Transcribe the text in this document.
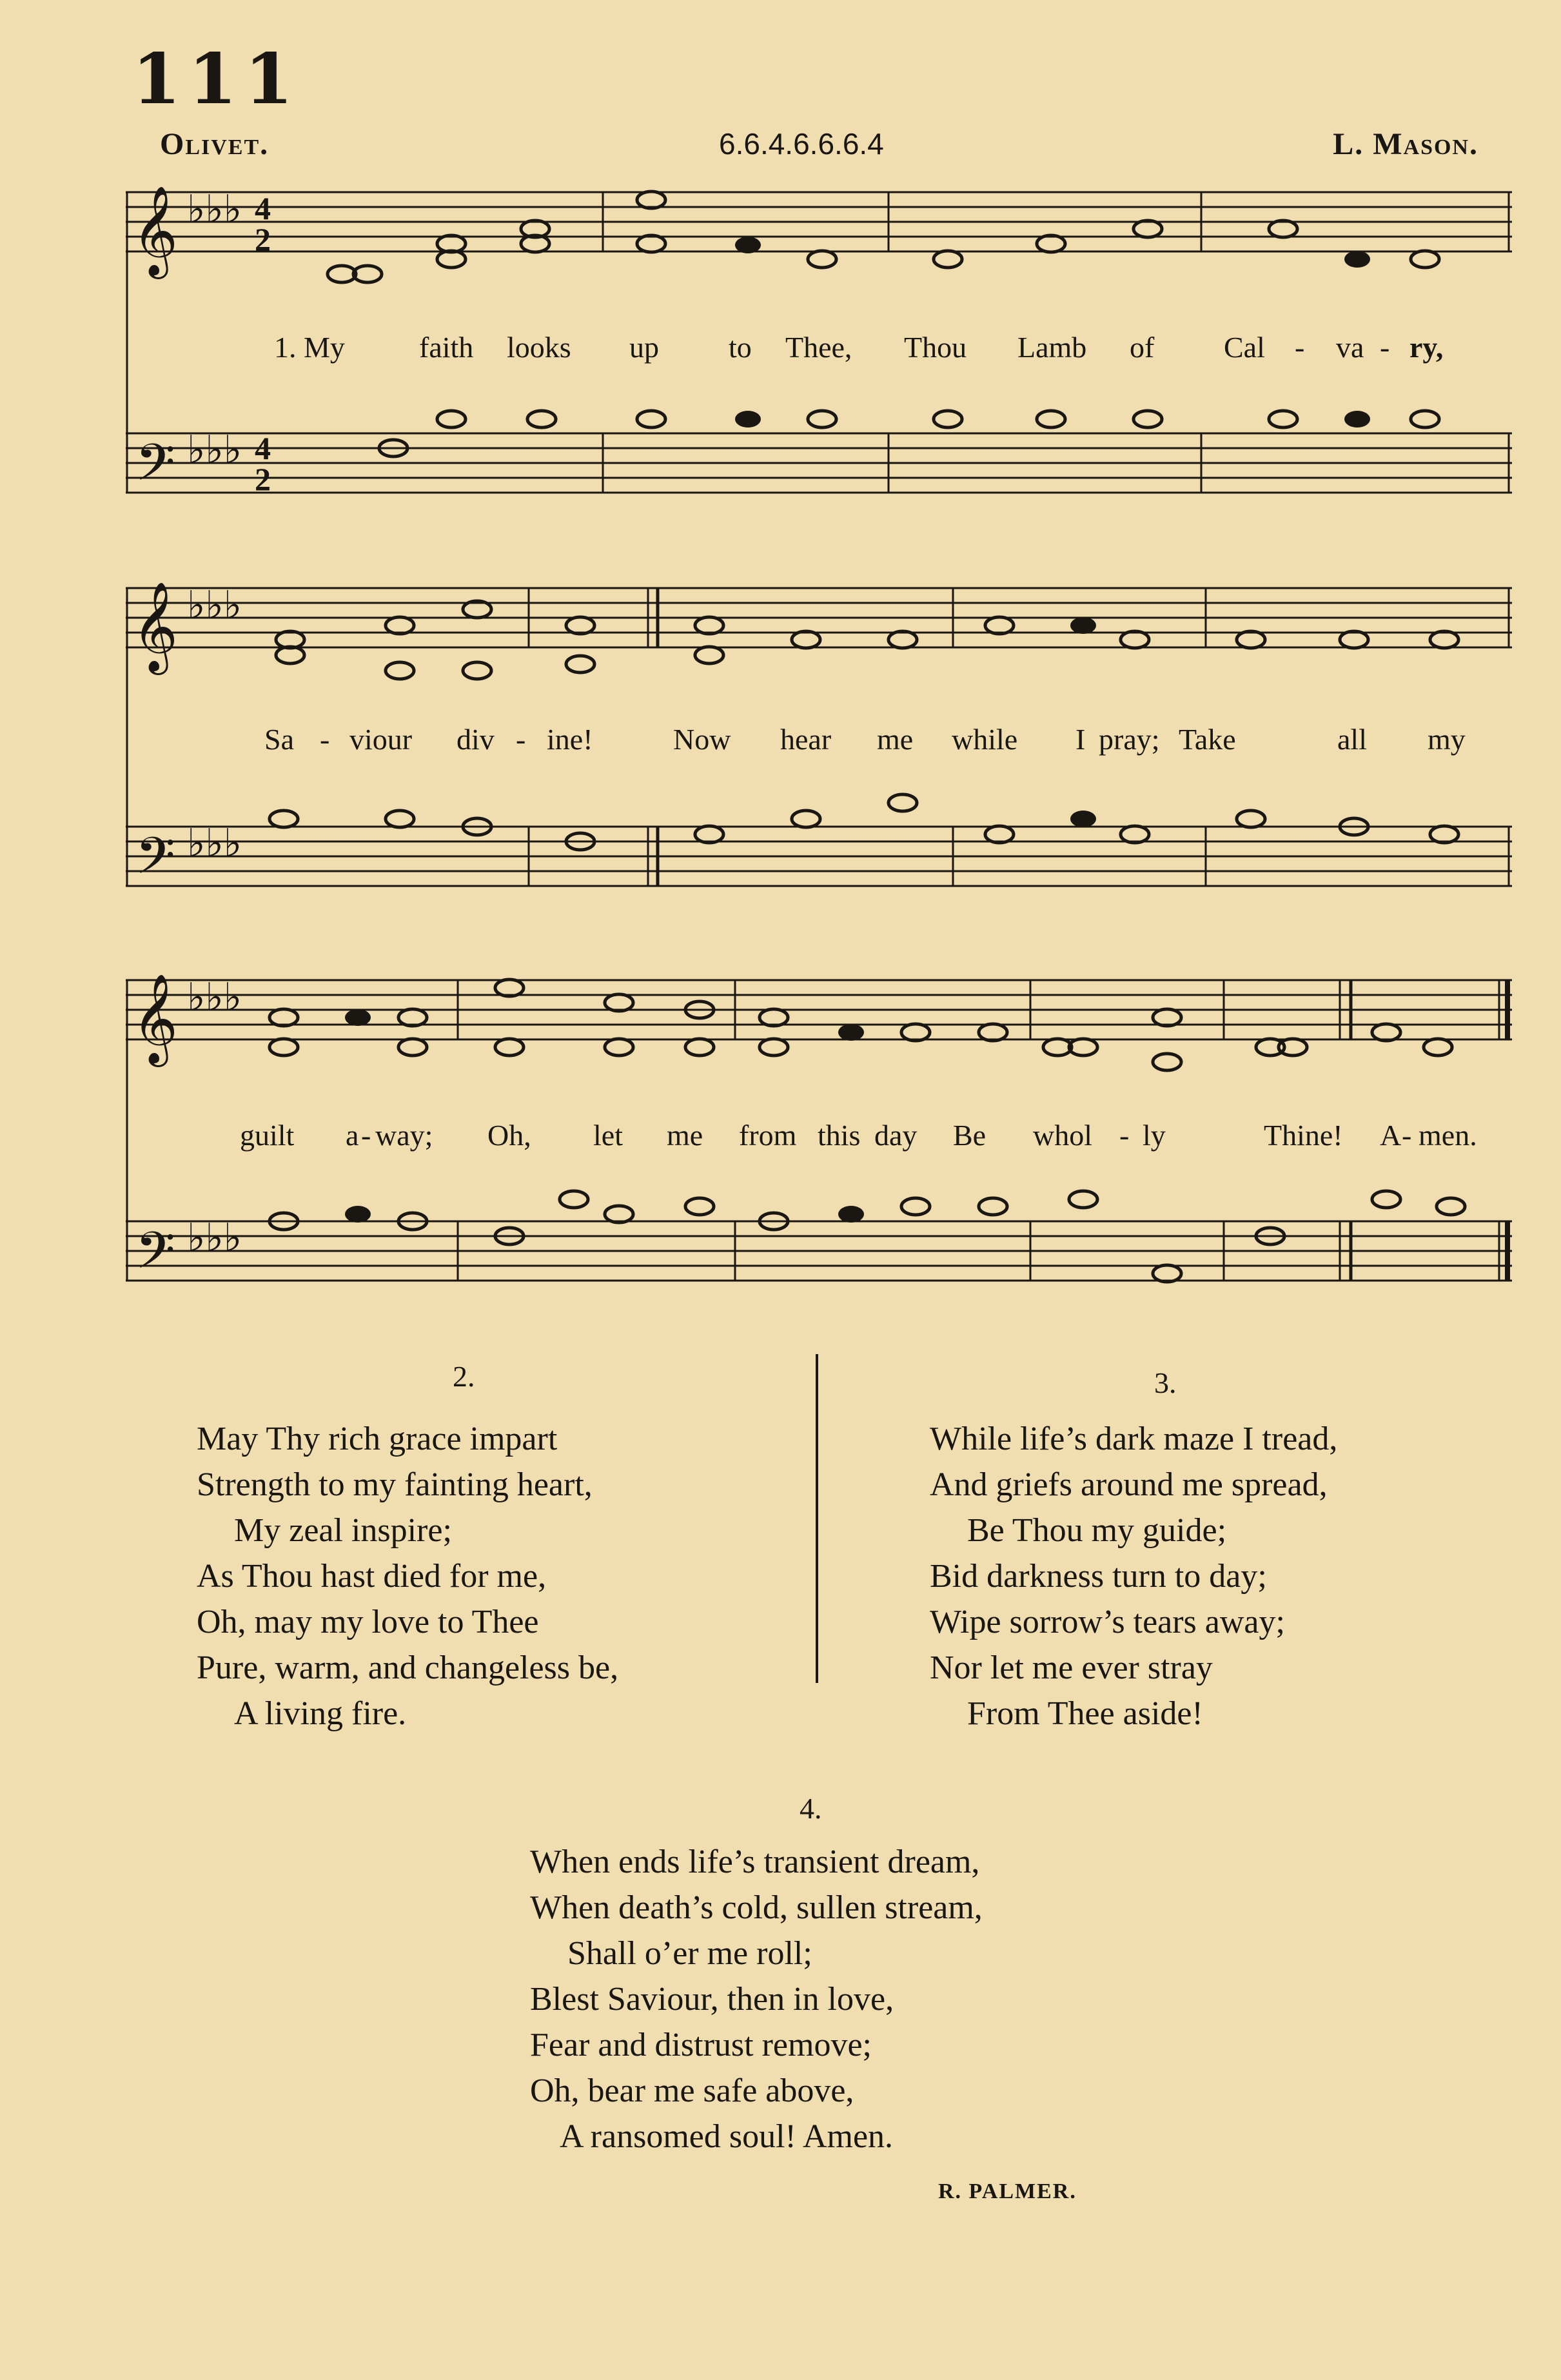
111
Olivet.	6.6.4.6.6.6.4	L. Mason.
𝄞
𝄢
♭♭♭
♭♭♭
4
2
4
2
1. My	faith looks up to Thee, Thou Lamb of Cal - va - ry,
𝄞
𝄢
♭♭♭
♭♭♭
Sa - viour div - ine!	Now hear me while I pray; Take	all my
𝄞
𝄢
♭♭♭
♭♭♭
guilt a - way; Oh, let me from this day Be whol - ly	Thine! A - men.
2.
May Thy rich grace impart
Strength to my fainting heart,
My zeal inspire;
As Thou hast died for me,
Oh, may my love to Thee
Pure, warm, and changeless be,
A living fire.
3.
While life’s dark maze I tread,
And griefs around me spread,
Be Thou my guide;
Bid darkness turn to day;
Wipe sorrow’s tears away;
Nor let me ever stray
From Thee aside!
4.
When ends life’s transient dream,
When death’s cold, sullen stream,
Shall o’er me roll;
Blest Saviour, then in love,
Fear and distrust remove;
Oh, bear me safe above,
A ransomed soul! Amen.
R. PALMER.
